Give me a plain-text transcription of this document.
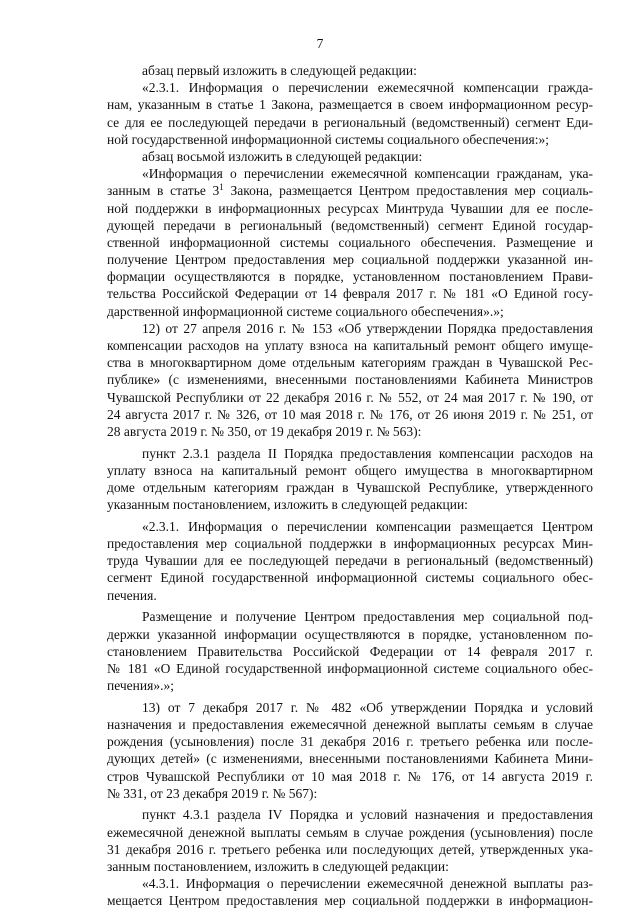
7
абзац первый изложить в следующей редакции:
«2.3.1. Информация о перечислении ежемесячной компенсации гражда-
нам, указанным в статье 1 Закона, размещается в своем информационном ресур-
се для ее последующей передачи в региональный (ведомственный) сегмент Еди-
ной государственной информационной системы социального обеспечения:»;
абзац восьмой изложить в следующей редакции:
«Информация о перечислении ежемесячной компенсации гражданам, ука-
занным в статье $3^1$ Закона, размещается Центром предоставления мер социаль-
ной поддержки в информационных ресурсах Минтруда Чувашии для ее после-
дующей передачи в региональный (ведомственный) сегмент Единой государ-
ственной информационной системы социального обеспечения. Размещение и
получение Центром предоставления мер социальной поддержки указанной ин-
формации осуществляются в порядке, установленном постановлением Прави-
тельства Российской Федерации от 14 февраля 2017 г. № 181 «О Единой госу-
дарственной информационной системе социального обеспечения».»;
12) от 27 апреля 2016 г. № 153 «Об утверждении Порядка предоставления
компенсации расходов на уплату взноса на капитальный ремонт общего имуще-
ства в многоквартирном доме отдельным категориям граждан в Чувашской Рес-
публике» (с изменениями, внесенными постановлениями Кабинета Министров
Чувашской Республики от 22 декабря 2016 г. № 552, от 24 мая 2017 г. № 190, от
24 августа 2017 г. № 326, от 10 мая 2018 г. № 176, от 26 июня 2019 г. № 251, от
28 августа 2019 г. № 350, от 19 декабря 2019 г. № 563):
пункт 2.3.1 раздела II Порядка предоставления компенсации расходов на
уплату взноса на капитальный ремонт общего имущества в многоквартирном
доме отдельным категориям граждан в Чувашской Республике, утвержденного
указанным постановлением, изложить в следующей редакции:
«2.3.1. Информация о перечислении компенсации размещается Центром
предоставления мер социальной поддержки в информационных ресурсах Мин-
труда Чувашии для ее последующей передачи в региональный (ведомственный)
сегмент Единой государственной информационной системы социального обес-
печения.
Размещение и получение Центром предоставления мер социальной под-
держки указанной информации осуществляются в порядке, установленном по-
становлением Правительства Российской Федерации от 14 февраля 2017 г.
№ 181 «О Единой государственной информационной системе социального обес-
печения».»;
13) от 7 декабря 2017 г. № 482 «Об утверждении Порядка и условий
назначения и предоставления ежемесячной денежной выплаты семьям в случае
рождения (усыновления) после 31 декабря 2016 г. третьего ребенка или после-
дующих детей» (с изменениями, внесенными постановлениями Кабинета Мини-
стров Чувашской Республики от 10 мая 2018 г. № 176, от 14 августа 2019 г.
№ 331, от 23 декабря 2019 г. № 567):
пункт 4.3.1 раздела IV Порядка и условий назначения и предоставления
ежемесячной денежной выплаты семьям в случае рождения (усыновления) после
31 декабря 2016 г. третьего ребенка или последующих детей, утвержденных ука-
занным постановлением, изложить в следующей редакции:
«4.3.1. Информация о перечислении ежемесячной денежной выплаты раз-
мещается Центром предоставления мер социальной поддержки в информацион-
